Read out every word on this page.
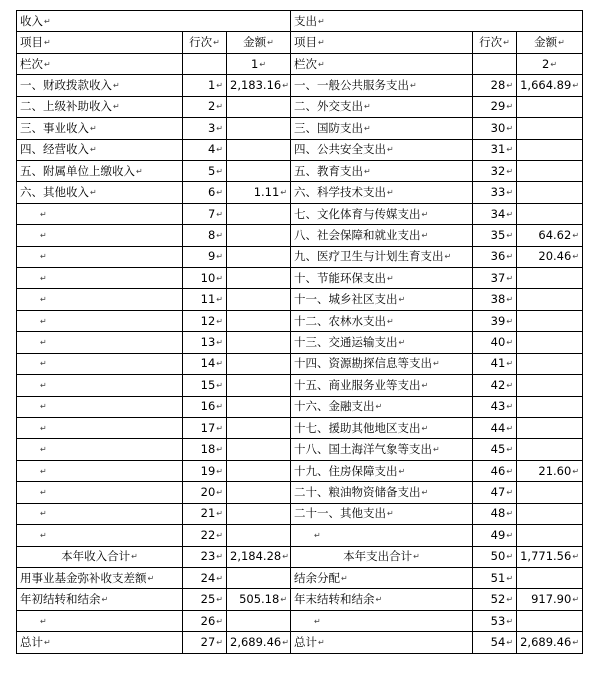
收入↵			支出↵		
项目↵	行次↵	金额↵	项目↵	行次↵	金额↵
栏次↵		1↵	栏次↵		2↵
一、财政拨款收入↵	1↵	2,183.16↵	一、一般公共服务支出↵	28↵	1,664.89↵
二、上级补助收入↵	2↵		二、外交支出↵	29↵	
三、事业收入↵	3↵		三、国防支出↵	30↵	
四、经营收入↵	4↵		四、公共安全支出↵	31↵	
五、附属单位上缴收入↵	5↵		五、教育支出↵	32↵	
六、其他收入↵	6↵	1.11↵	六、科学技术支出↵	33↵	
↵	7↵		七、文化体育与传媒支出↵	34↵	
↵	8↵		八、社会保障和就业支出↵	35↵	64.62↵
↵	9↵		九、医疗卫生与计划生育支出↵	36↵	20.46↵
↵	10↵		十、节能环保支出↵	37↵	
↵	11↵		十一、城乡社区支出↵	38↵	
↵	12↵		十二、农林水支出↵	39↵	
↵	13↵		十三、交通运输支出↵	40↵	
↵	14↵		十四、资源勘探信息等支出↵	41↵	
↵	15↵		十五、商业服务业等支出↵	42↵	
↵	16↵		十六、金融支出↵	43↵	
↵	17↵		十七、援助其他地区支出↵	44↵	
↵	18↵		十八、国土海洋气象等支出↵	45↵	
↵	19↵		十九、住房保障支出↵	46↵	21.60↵
↵	20↵		二十、粮油物资储备支出↵	47↵	
↵	21↵		二十一、其他支出↵	48↵	
↵	22↵		↵	49↵	
本年收入合计↵	23↵	2,184.28↵	本年支出合计↵	50↵	1,771.56↵
用事业基金弥补收支差额↵	24↵		结余分配↵	51↵	
年初结转和结余↵	25↵	505.18↵	年末结转和结余↵	52↵	917.90↵
↵	26↵		↵	53↵	
总计↵	27↵	2,689.46↵	总计↵	54↵	2,689.46↵
